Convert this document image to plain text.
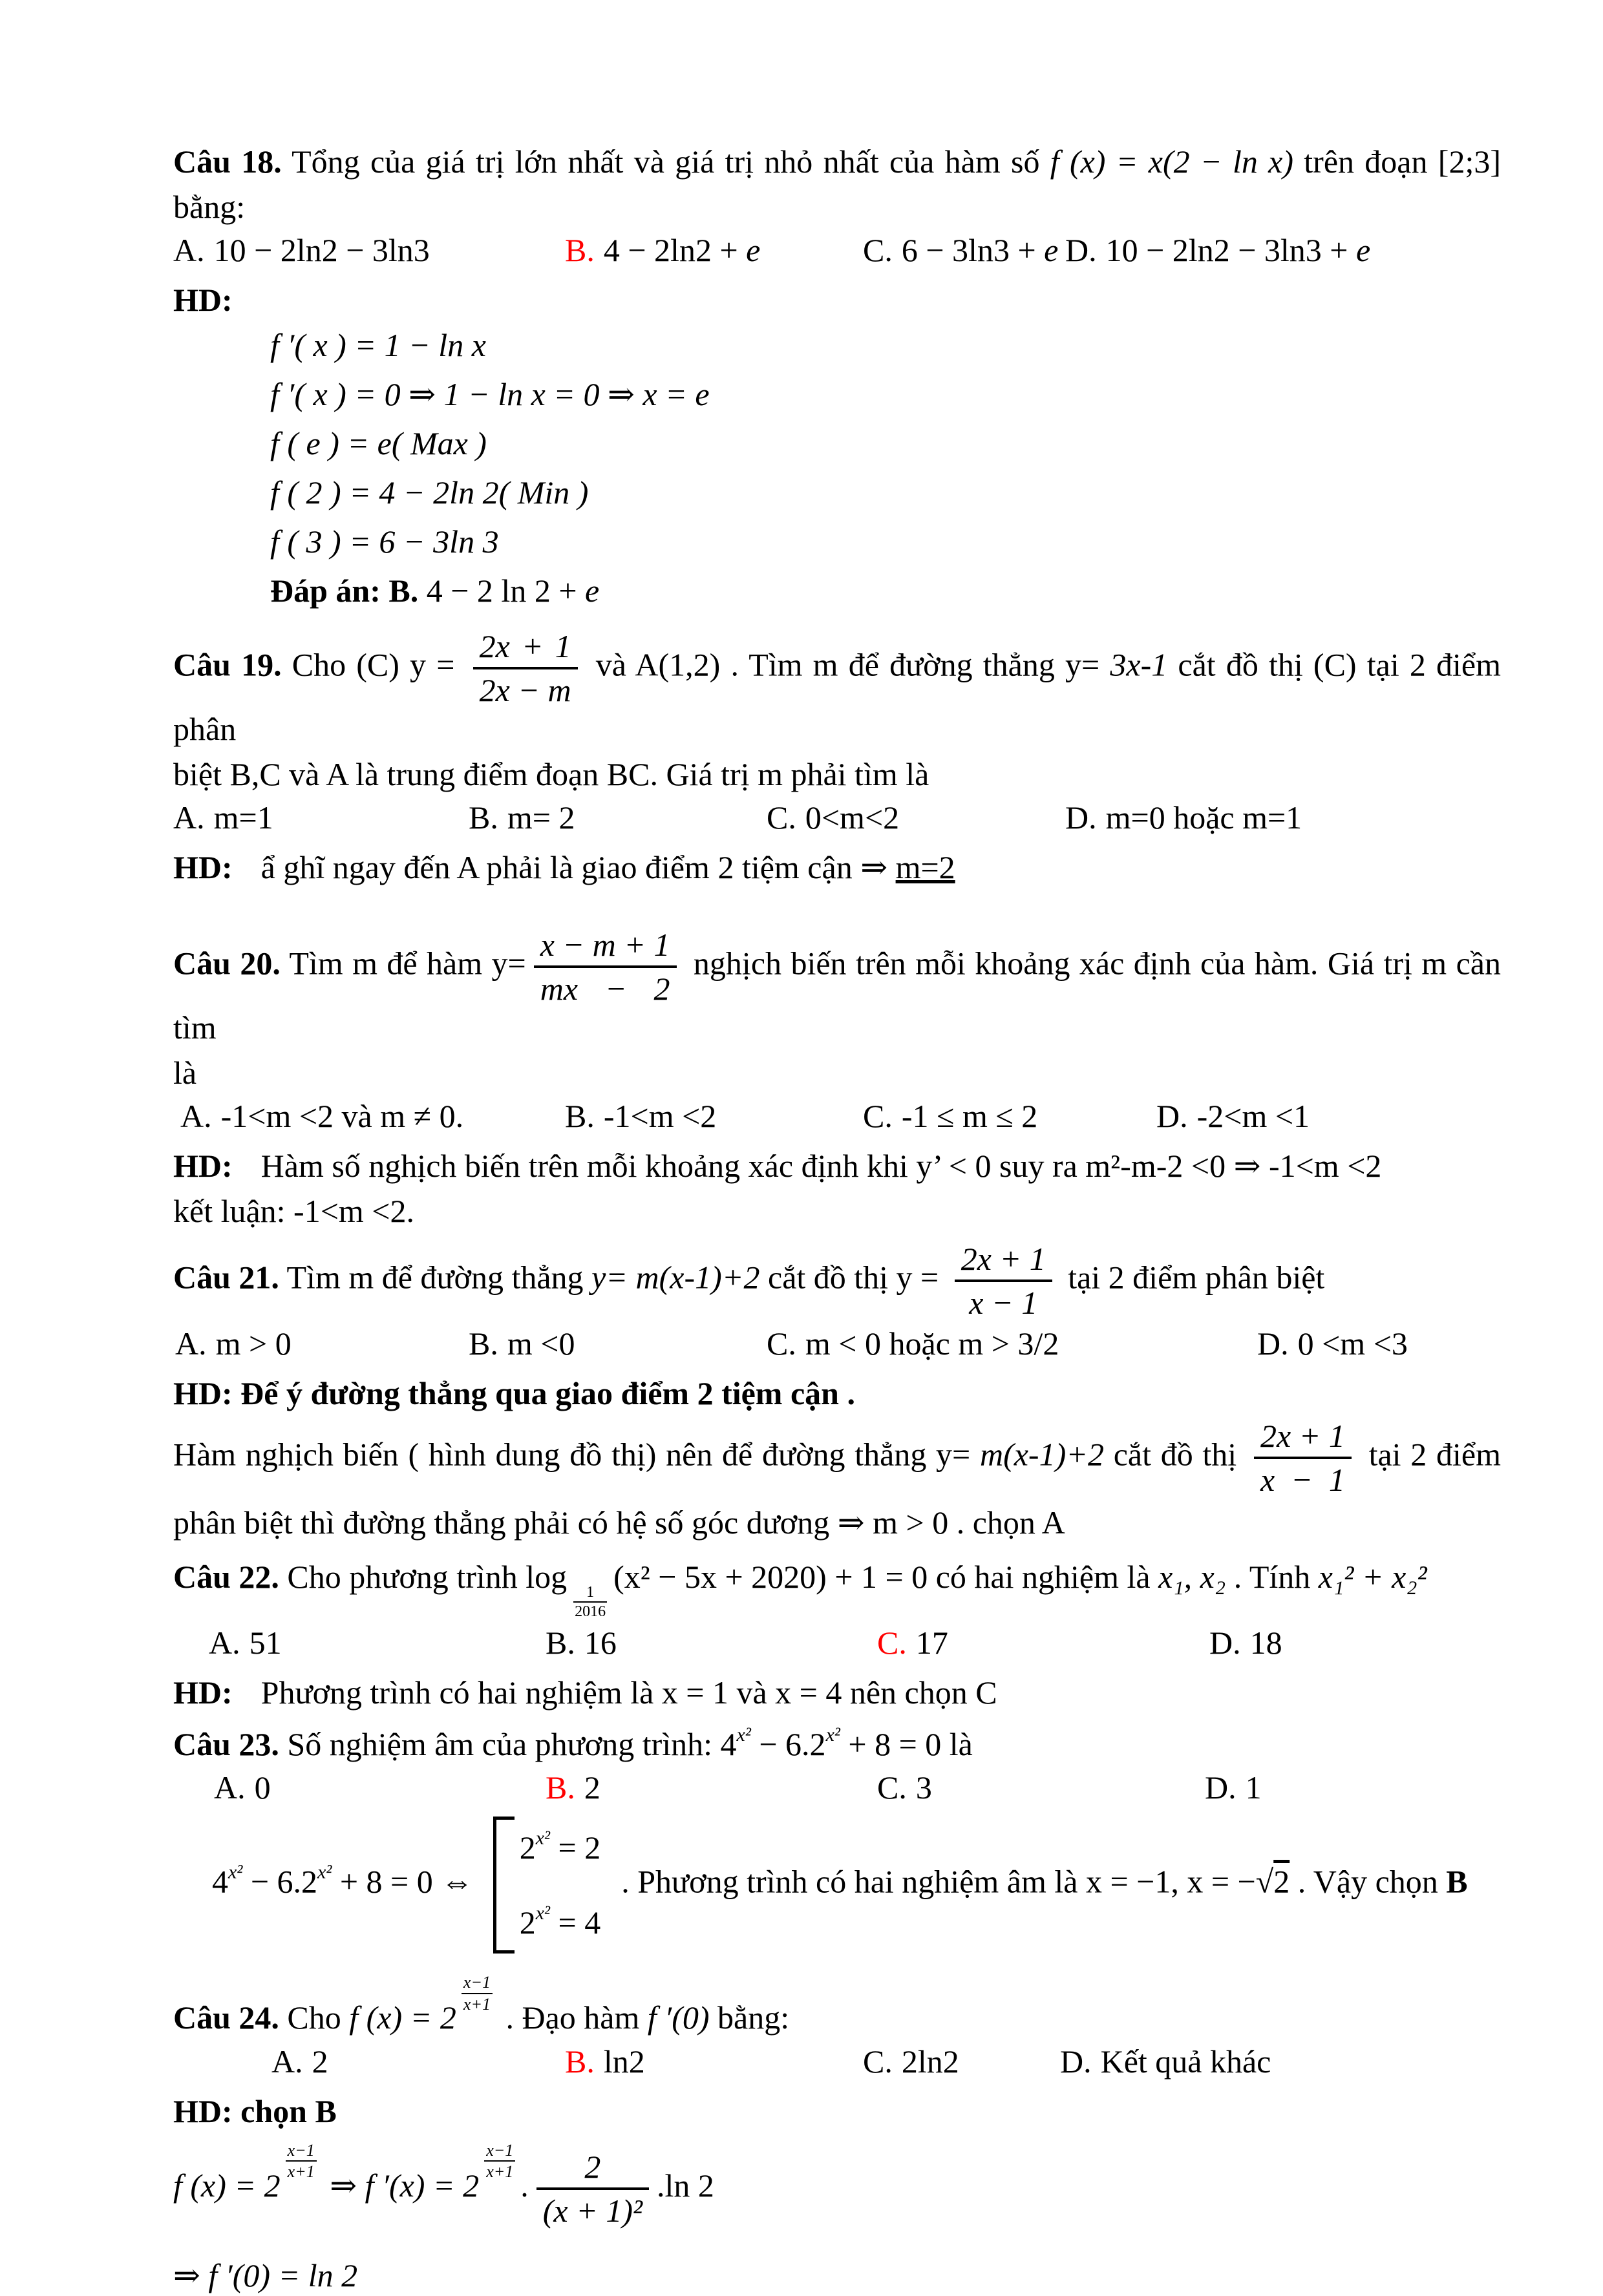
Câu 18. Tổng của giá trị lớn nhất và giá trị nhỏ nhất của hàm số f (x) = x(2 − ln x) trên đoạn [2;3]
bằng:
A. 10 − 2ln2 − 3ln3	B. 4 − 2ln2 + e	C. 6 − 3ln3 + e D. 10 − 2ln2 − 3ln3 + e
HD:
f ′( x ) = 1 − ln x
f ′( x ) = 0 ⇒ 1 − ln x = 0 ⇒ x = e
f ( e ) = e( Max )
f ( 2 ) = 4 − 2ln 2( Min )
f ( 3 ) = 6 − 3ln 3
Đáp án: B. 4 − 2 ln 2 + e
Câu 19. Cho (C) $y = \frac{2x + 1}{2x - m}$ và A(1,2) . Tìm m để đường thẳng y= 3x-1 cắt đồ thị (C) tại 2 điểm phân
biệt B,C và A là trung điểm đoạn BC. Giá trị m phải tìm là
A. m=1	B. m= 2	C. 0<m<2	D. m=0 hoặc m=1
HD: ẩ ghĩ ngay đến A phải là giao điểm 2 tiệm cận ⇒ m=2
Câu 20. Tìm m để hàm $y= \frac{x - m + 1}{mx - 2}$ nghịch biến trên mỗi khoảng xác định của hàm. Giá trị m cần tìm
là
A. -1<m <2 và m ≠ 0.	B. -1<m <2	C. -1 ≤ m ≤ 2	D. -2<m <1
HD: Hàm số nghịch biến trên mỗi khoảng xác định khi y’ < 0 suy ra m²-m-2 <0 ⇒ -1<m <2
kết luận: -1<m <2.
Câu 21. Tìm m để đường thẳng y= m(x-1)+2 cắt đồ thị $y = \frac{2x + 1}{x - 1}$ tại 2 điểm phân biệt
A. m > 0	B. m <0	C. m < 0 hoặc m > 3/2	D. 0 <m <3
HD: Để ý đường thẳng qua giao điểm 2 tiệm cận .
Hàm nghịch biến ( hình dung đồ thị) nên để đường thẳng y= m(x-1)+2 cắt đồ thị $\frac{2x + 1}{x - 1}$ tại 2 điểm
phân biệt thì đường thẳng phải có hệ số góc dương ⇒ m > 0 . chọn A
Câu 22. Cho phương trình log
$\frac{1}{2016}$
(x² − 5x + 2020) + 1 = 0 có hai nghiệm là x₁, x₂ . Tính x₁² + x₂²
A. 51	B. 16	C. 17	D. 18
HD: Phương trình có hai nghiệm là x = 1 và x = 4 nên chọn C
Câu 23. Số nghiệm âm của phương trình: $4^{x^2} - 6.2^{x^2} + 8 = 0$ là
A. 0	B. 2	C. 3	D. 1
$4^{x^2} - 6.2^{x^2} + 8 = 0$ ⇔
$2^{x^2} = 2$
$2^{x^2} = 4$
. Phương trình có hai nghiệm âm là x = −1, x = −√2 . Vậy chọn B
Câu 24. Cho f (x) = 2
$\frac{x-1}{x+1}$
. Đạo hàm f ′(0) bằng:
A. 2	B. ln2	C. 2ln2	D. Kết quả khác
HD: chọn B
f (x) = 2
$\frac{x-1}{x+1}$
⇒ f ′(x) = 2
$\frac{x-1}{x+1}$
. $\frac{2}{\text{(x + 1)²}} .\ln$ 2
⇒ f ′(0) = ln 2
